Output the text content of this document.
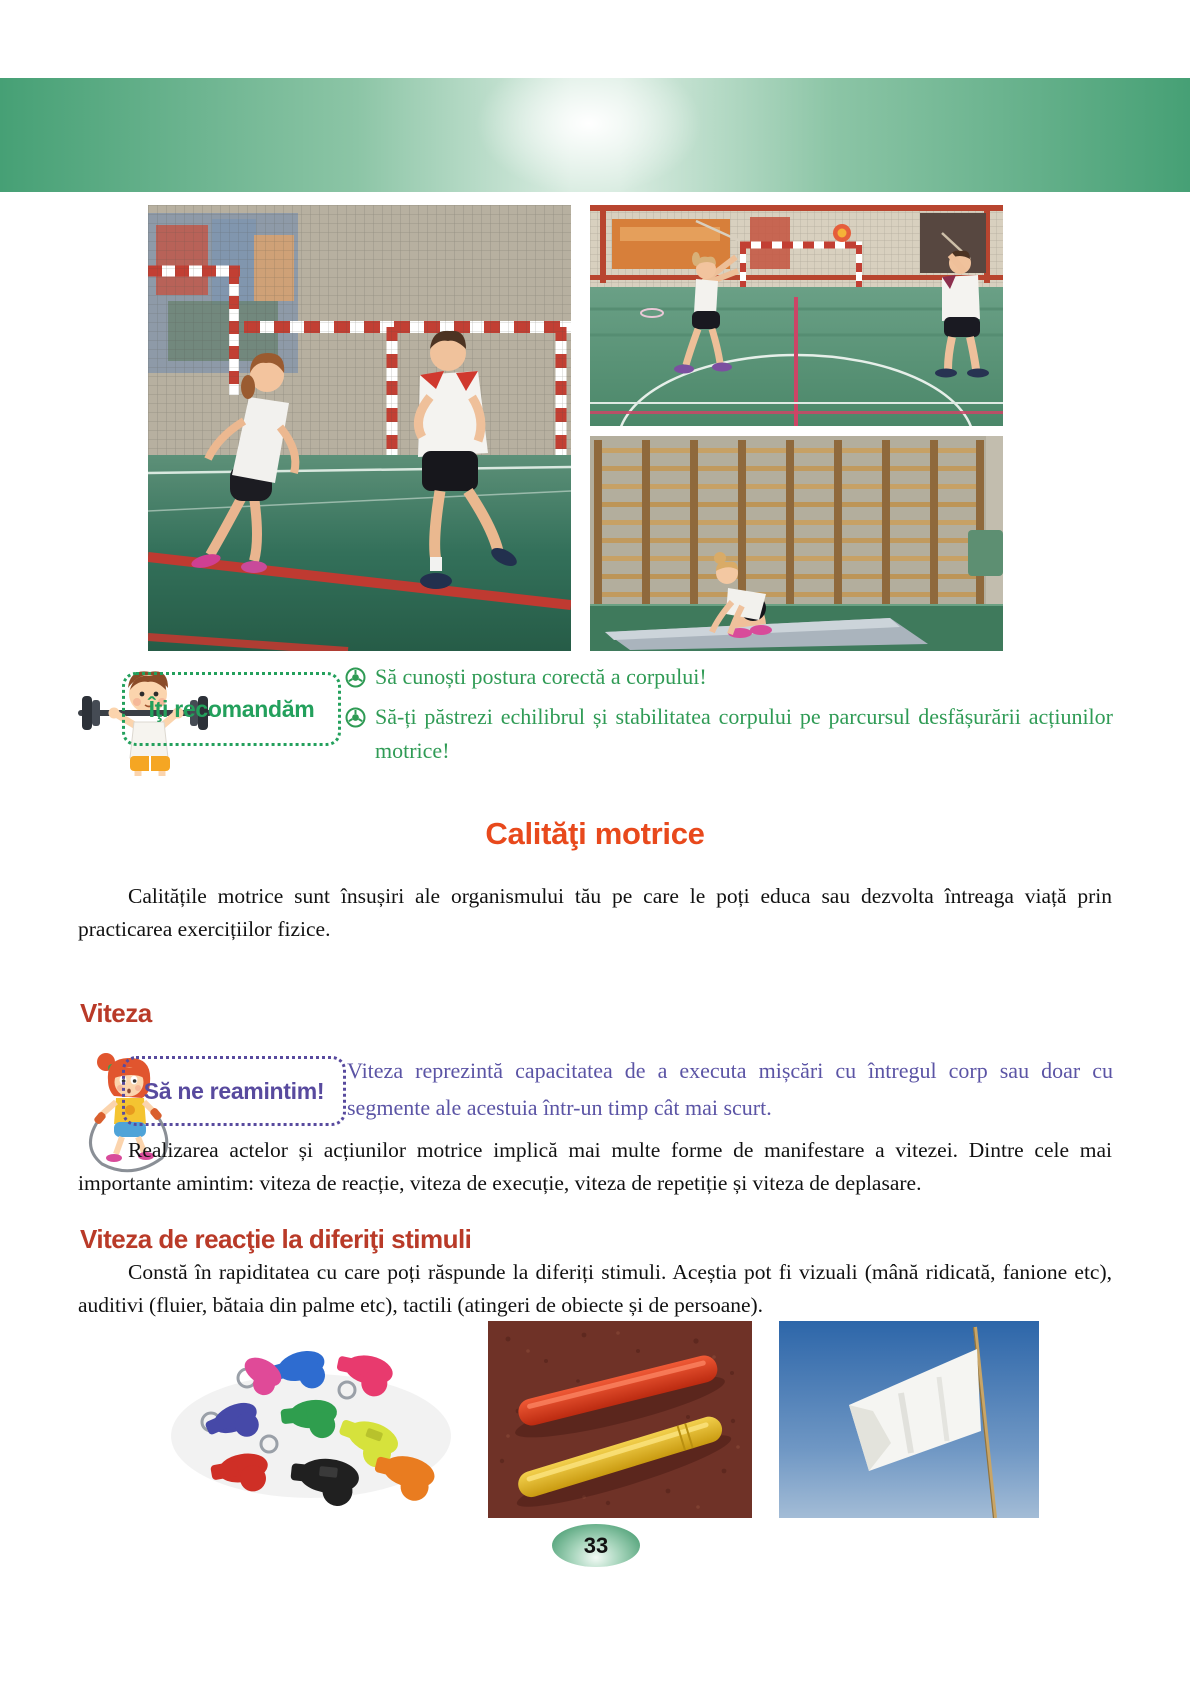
Îţi recomandăm

Să cunoști postura corectă a corpului!

Să-ți păstrezi echilibrul și stabilitatea corpului pe parcursul desfășurării acțiunilor motrice!

Calităţi motrice

Calitățile motrice sunt însușiri ale organismului tău pe care le poți educa sau dezvolta întreaga viață prin practicarea exercițiilor fizice.

Viteza
Să ne reamintim!

Viteza reprezintă capacitatea de a executa mișcări cu întregul corp sau doar cu segmente ale acestuia într-un timp cât mai scurt.

Realizarea actelor și acțiunilor motrice implică mai multe forme de manifestare a vitezei. Dintre cele mai importante amintim: viteza de reacție, viteza de execuție, viteza de repetiție și viteza de deplasare.

Viteza de reacţie la diferiţi stimuli

Constă în rapiditatea cu care poți răspunde la diferiți stimuli. Aceștia pot fi vizuali (mână ridicată, fanione etc), auditivi (fluier, bătaia din palme etc), tactili (atingeri de obiecte și de persoane).

33
